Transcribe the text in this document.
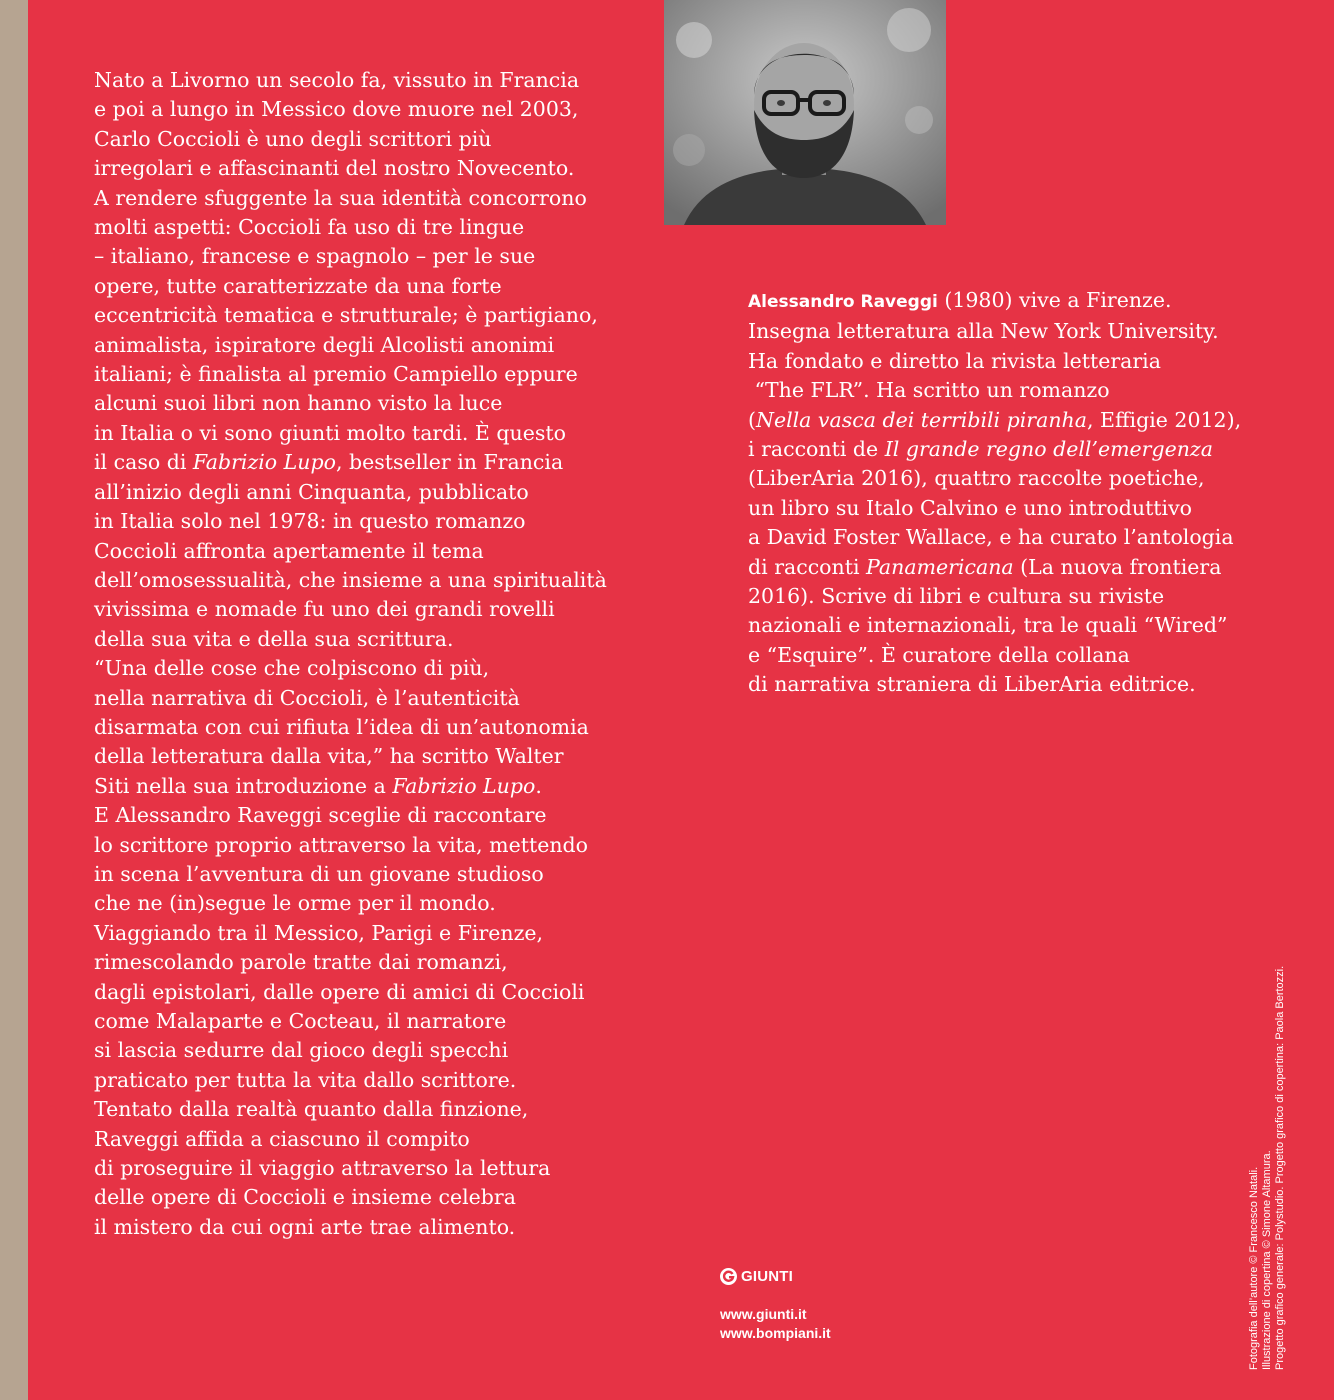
Nato a Livorno un secolo fa, vissuto in Francia
e poi a lungo in Messico dove muore nel 2003,
Carlo Coccioli è uno degli scrittori più
irregolari e affascinanti del nostro Novecento.
A rendere sfuggente la sua identità concorrono
molti aspetti: Coccioli fa uso di tre lingue
– italiano, francese e spagnolo – per le sue
opere, tutte caratterizzate da una forte
eccentricità tematica e strutturale; è partigiano,
animalista, ispiratore degli Alcolisti anonimi
italiani; è finalista al premio Campiello eppure
alcuni suoi libri non hanno visto la luce
in Italia o vi sono giunti molto tardi. È questo
il caso di Fabrizio Lupo, bestseller in Francia
all’inizio degli anni Cinquanta, pubblicato
in Italia solo nel 1978: in questo romanzo
Coccioli affronta apertamente il tema
dell’omosessualità, che insieme a una spiritualità
vivissima e nomade fu uno dei grandi rovelli
della sua vita e della sua scrittura.
“Una delle cose che colpiscono di più,
nella narrativa di Coccioli, è l’autenticità
disarmata con cui rifiuta l’idea di un’autonomia
della letteratura dalla vita,” ha scritto Walter
Siti nella sua introduzione a Fabrizio Lupo.
E Alessandro Raveggi sceglie di raccontare
lo scrittore proprio attraverso la vita, mettendo
in scena l’avventura di un giovane studioso
che ne (in)segue le orme per il mondo.
Viaggiando tra il Messico, Parigi e Firenze,
rimescolando parole tratte dai romanzi,
dagli epistolari, dalle opere di amici di Coccioli
come Malaparte e Cocteau, il narratore
si lascia sedurre dal gioco degli specchi
praticato per tutta la vita dallo scrittore.
Tentato dalla realtà quanto dalla finzione,
Raveggi affida a ciascuno il compito
di proseguire il viaggio attraverso la lettura
delle opere di Coccioli e insieme celebra
il mistero da cui ogni arte trae alimento.
Alessandro Raveggi (1980) vive a Firenze.
Insegna letteratura alla New York University.
Ha fondato e diretto la rivista letteraria
“The FLR”. Ha scritto un romanzo
(Nella vasca dei terribili piranha, Effigie 2012),
i racconti de Il grande regno dell’emergenza
(LiberAria 2016), quattro raccolte poetiche,
un libro su Italo Calvino e uno introduttivo
a David Foster Wallace, e ha curato l’antologia
di racconti Panamericana (La nuova frontiera
2016). Scrive di libri e cultura su riviste
nazionali e internazionali, tra le quali “Wired”
e “Esquire”. È curatore della collana
di narrativa straniera di LiberAria editrice.
GIUNTI
www.giunti.it
www.bompiani.it	Fotografia dell’autore © Francesco Natali. Illustrazione di copertina © Simone Altamura. Progetto grafico generale: Polystudio. Progetto grafico di copertina: Paola Bertozzi.
